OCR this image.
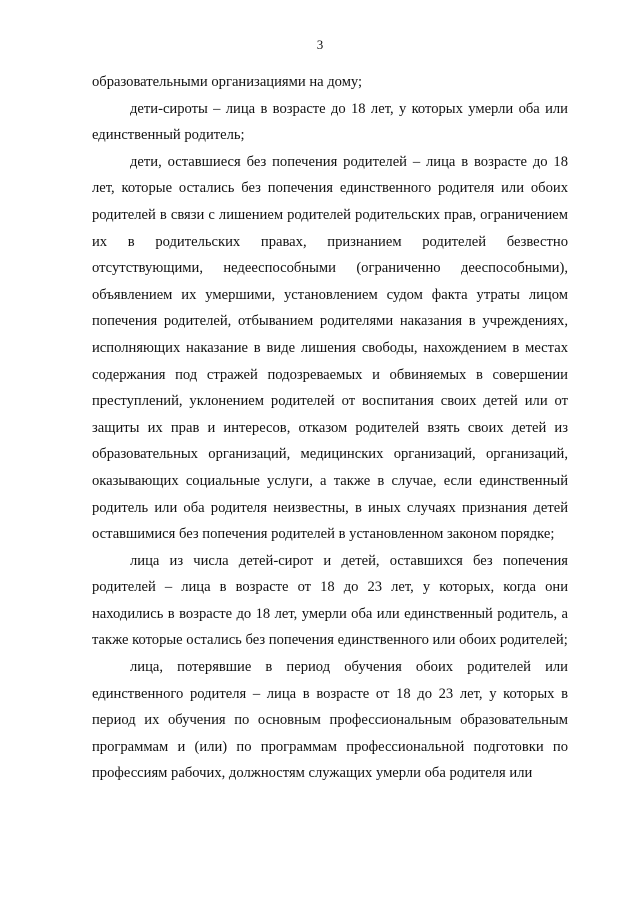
3

образовательными организациями на дому;

дети-сироты – лица в возрасте до 18 лет, у которых умерли оба или единственный родитель;

дети, оставшиеся без попечения родителей – лица в возрасте до 18 лет, которые остались без попечения единственного родителя или обоих родителей в связи с лишением родителей родительских прав, ограничением их в родительских правах, признанием родителей безвестно отсутствующими, недееспособными (ограниченно дееспособными), объявлением их умершими, установлением судом факта утраты лицом попечения родителей, отбыванием родителями наказания в учреждениях, исполняющих наказание в виде лишения свободы, нахождением в местах содержания под стражей подозреваемых и обвиняемых в совершении преступлений, уклонением родителей от воспитания своих детей или от защиты их прав и интересов, отказом родителей взять своих детей из образовательных организаций, медицинских организаций, организаций, оказывающих социальные услуги, а также в случае, если единственный родитель или оба родителя неизвестны, в иных случаях признания детей оставшимися без попечения родителей в установленном законом порядке;

лица из числа детей-сирот и детей, оставшихся без попечения родителей – лица в возрасте от 18 до 23 лет, у которых, когда они находились в возрасте до 18 лет, умерли оба или единственный родитель, а также которые остались без попечения единственного или обоих родителей;

лица, потерявшие в период обучения обоих родителей или единственного родителя – лица в возрасте от 18 до 23 лет, у которых в период их обучения по основным профессиональным образовательным программам и (или) по программам профессиональной подготовки по профессиям рабочих, должностям служащих умерли оба родителя или
